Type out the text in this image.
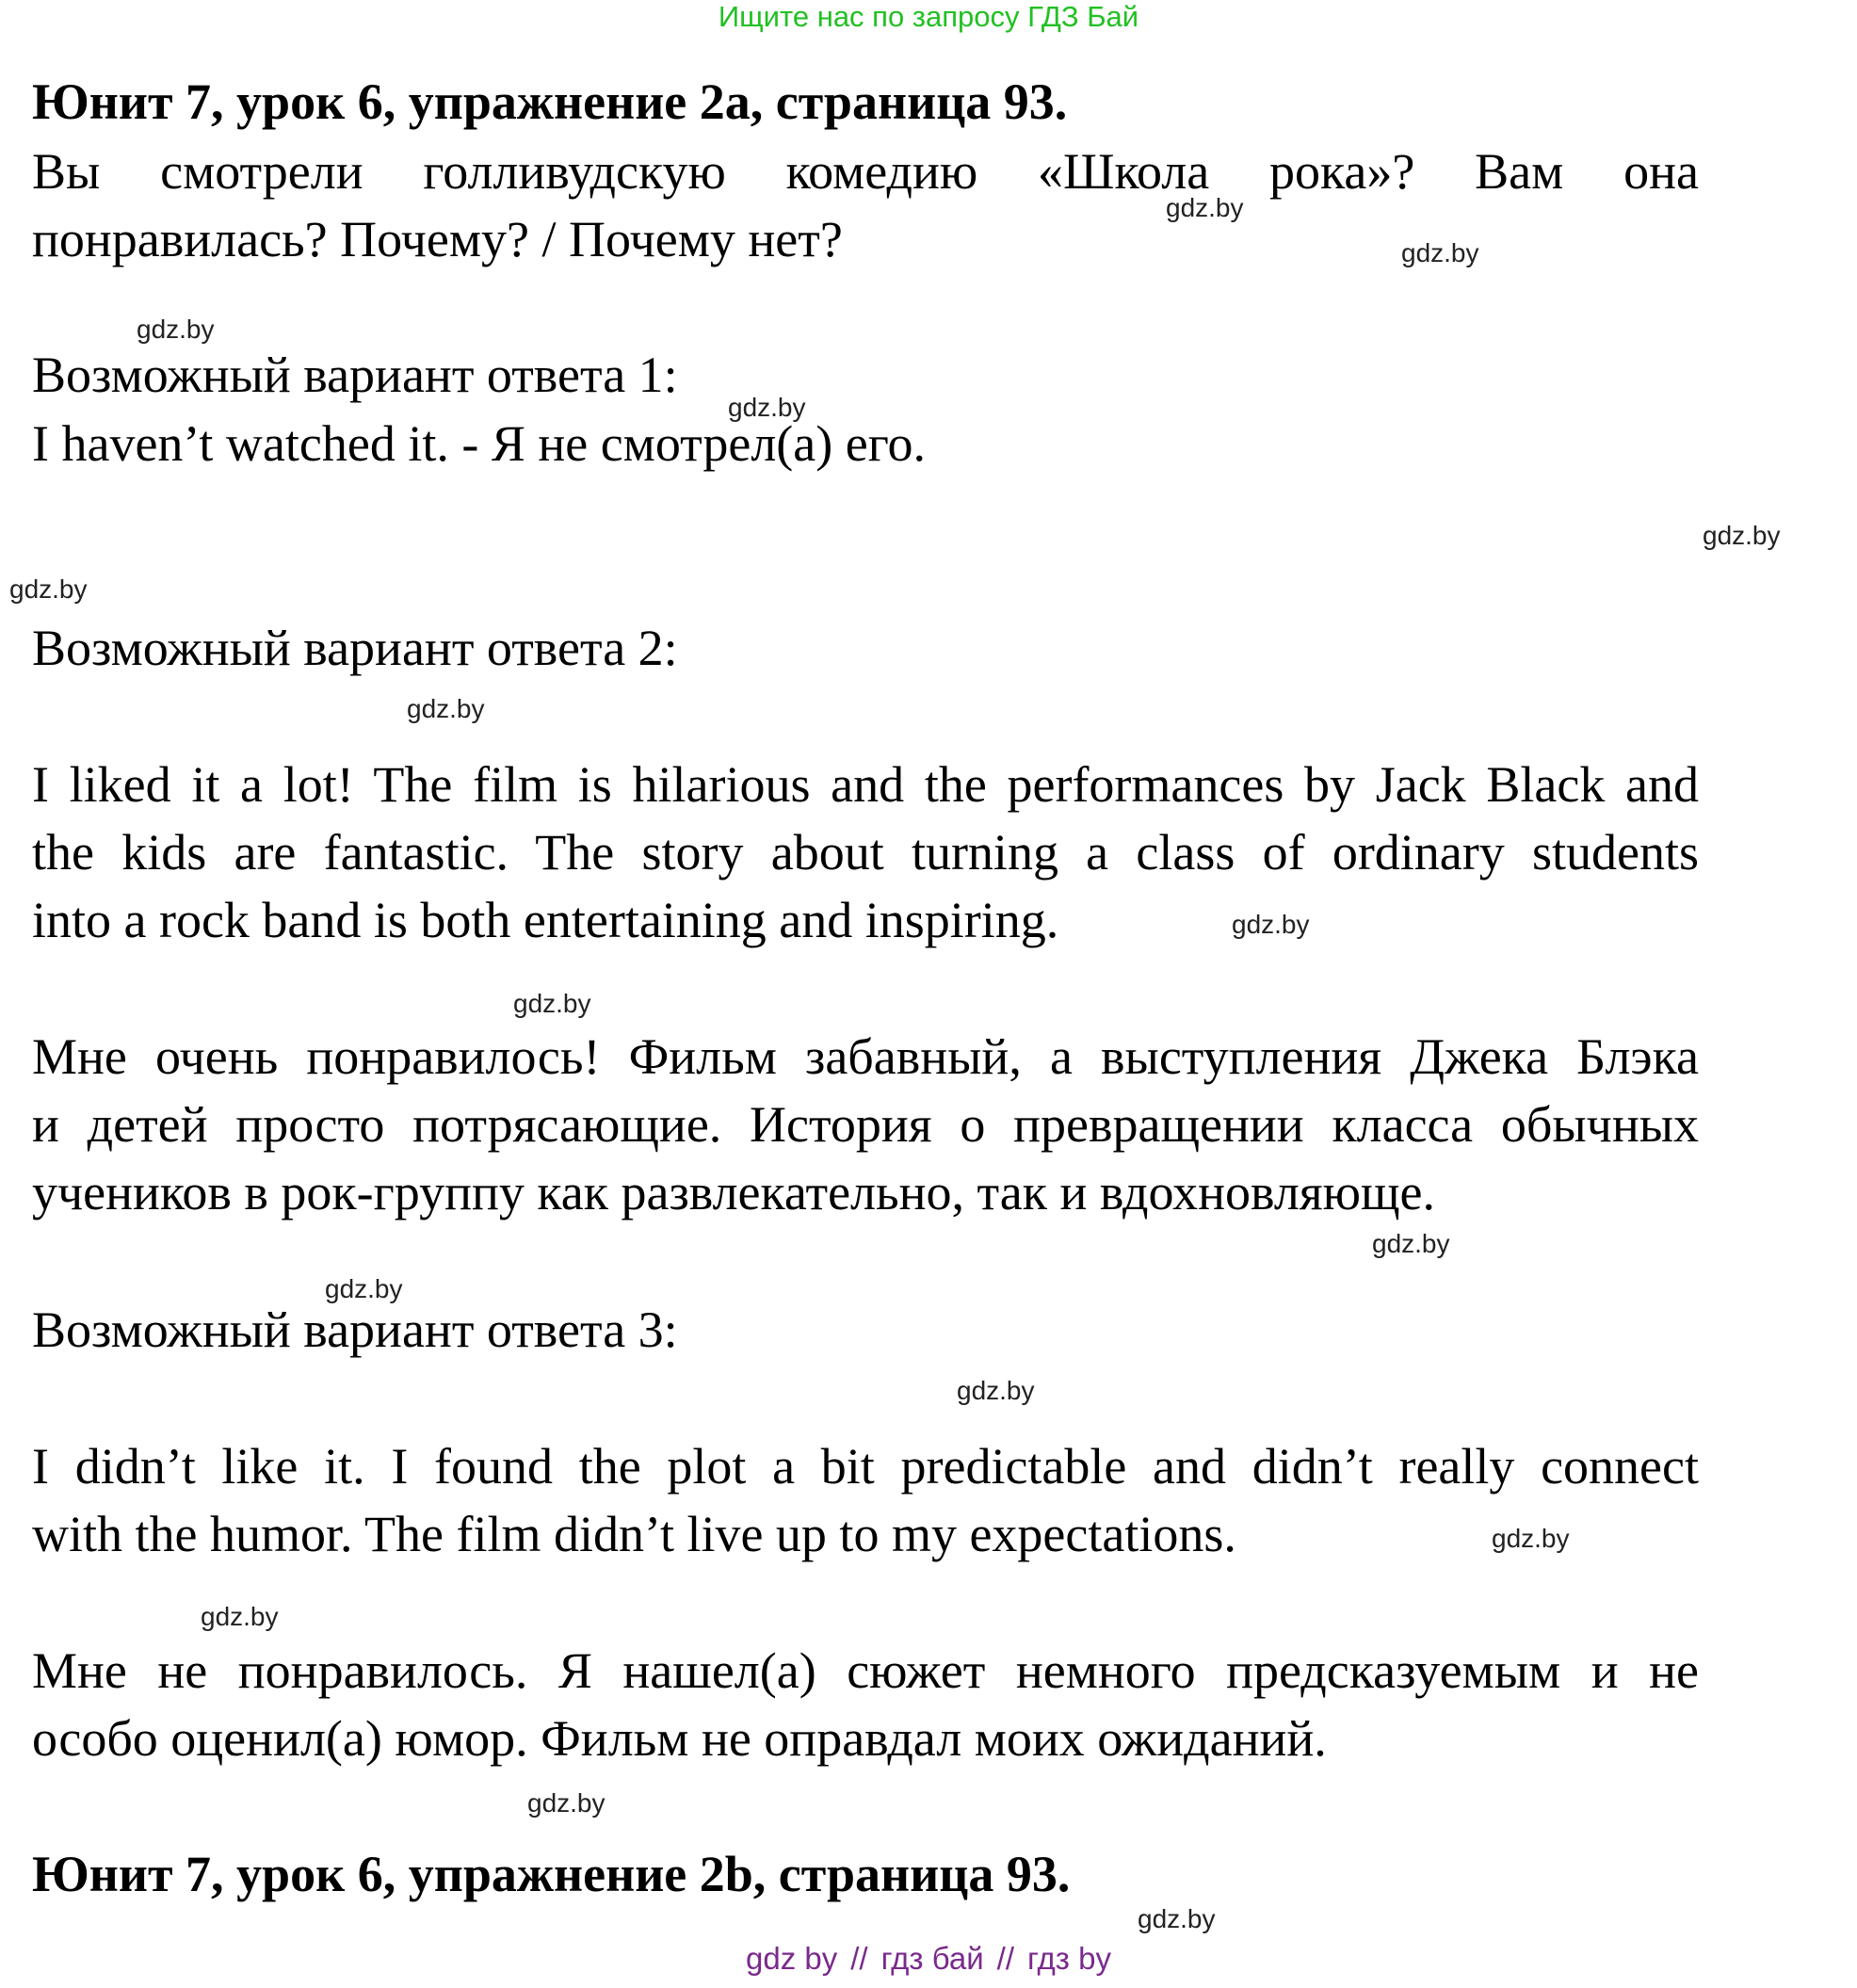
Ищите нас по запросу ГДЗ Бай
Юнит 7, урок 6, упражнение 2a, страница 93.
Вы смотрели голливудскую комедию «Школа рока»? Вам она
понравилась? Почему? / Почему нет?
Возможный вариант ответа 1:
I haven’t watched it. - Я не смотрел(а) его.
Возможный вариант ответа 2:
I liked it a lot! The film is hilarious and the performances by Jack Black and
the kids are fantastic. The story about turning a class of ordinary students
into a rock band is both entertaining and inspiring.
Мне очень понравилось! Фильм забавный, а выступления Джека Блэка
и детей просто потрясающие. История о превращении класса обычных
учеников в рок-группу как развлекательно, так и вдохновляюще.
Возможный вариант ответа 3:
I didn’t like it. I found the plot a bit predictable and didn’t really connect
with the humor. The film didn’t live up to my expectations.
Мне не понравилось. Я нашел(а) сюжет немного предсказуемым и не
особо оценил(а) юмор. Фильм не оправдал моих ожиданий.
Юнит 7, урок 6, упражнение 2b, страница 93.
gdz.by
gdz.by
gdz.by
gdz.by
gdz.by
gdz.by
gdz.by
gdz.by
gdz.by
gdz.by
gdz.by
gdz.by
gdz.by
gdz.by
gdz.by
gdz.by
gdz by // гдз бай // гдз by
